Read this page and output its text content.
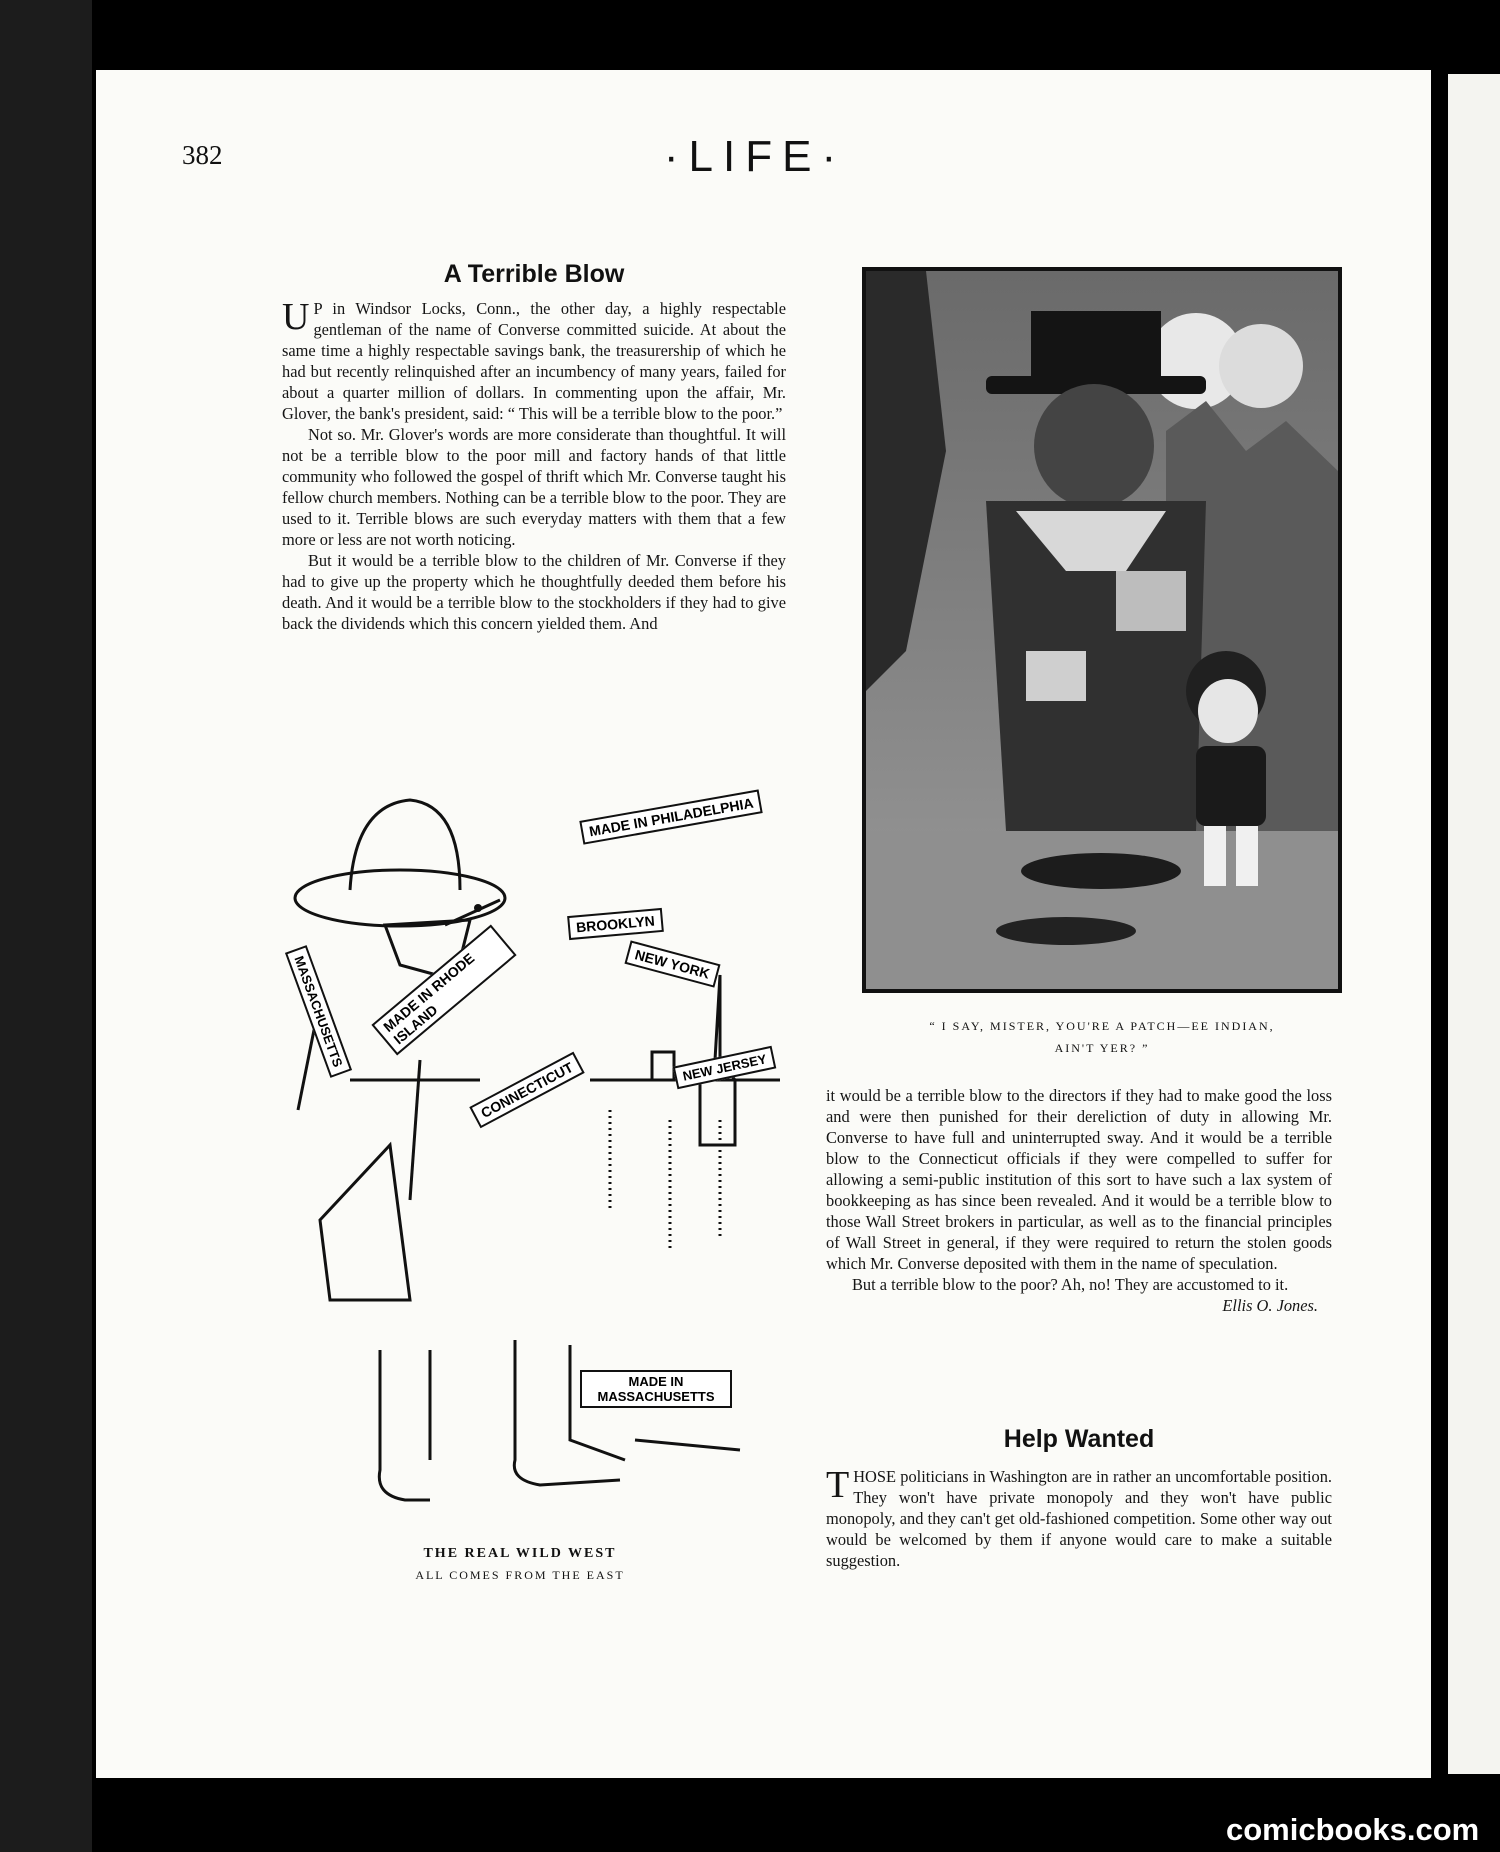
382	·LIFE·
A Terrible Blow

U P in Windsor Locks, Conn., the other day, a highly respectable gentleman of the name of Converse committed suicide. At about the same time a highly respectable savings bank, the treasurership of which he had but recently relinquished after an incumbency of many years, failed for about a quarter million of dollars. In commenting upon the affair, Mr. Glover, the bank's president, said: “ This will be a terrible blow to the poor.”

Not so. Mr. Glover's words are more considerate than thoughtful. It will not be a terrible blow to the poor mill and factory hands of that little community who followed the gospel of thrift which Mr. Converse taught his fellow church members. Nothing can be a terrible blow to the poor. They are used to it. Terrible blows are such everyday matters with them that a few more or less are not worth noticing.

But it would be a terrible blow to the children of Mr. Converse if they had to give up the property which he thoughtfully deeded them before his death. And it would be a terrible blow to the stockholders if they had to give back the dividends which this concern yielded them. And

“ I SAY, MISTER, YOU'RE A PATCH—EE INDIAN,
AIN'T YER? ”
MADE IN PHILADELPHIA
BROOKLYN
MADE IN RHODE ISLAND
NEW YORK
MASSACHUSETTS
CONNECTICUT	NEW JERSEY
MADE IN MASSACHUSETTS
THE REAL WILD WEST
ALL COMES FROM THE EAST

it would be a terrible blow to the directors if they had to make good the loss and were then punished for their dereliction of duty in allowing Mr. Converse to have full and uninterrupted sway. And it would be a terrible blow to the Connecticut officials if they were compelled to suffer for allowing a semi-public institution of this sort to have such a lax system of bookkeeping as has since been revealed. And it would be a terrible blow to those Wall Street brokers in particular, as well as to the financial principles of Wall Street in general, if they were required to return the stolen goods which Mr. Converse deposited with them in the name of speculation.

But a terrible blow to the poor? Ah, no! They are accustomed to it.
Ellis O. Jones.

Help Wanted

THOSE politicians in Washington are in rather an uncomfortable position. They won't have private monopoly and they won't have public monopoly, and they can't get old-fashioned competition. Some other way out would be welcomed by them if anyone would care to make a suitable suggestion.

comicbooks.com
